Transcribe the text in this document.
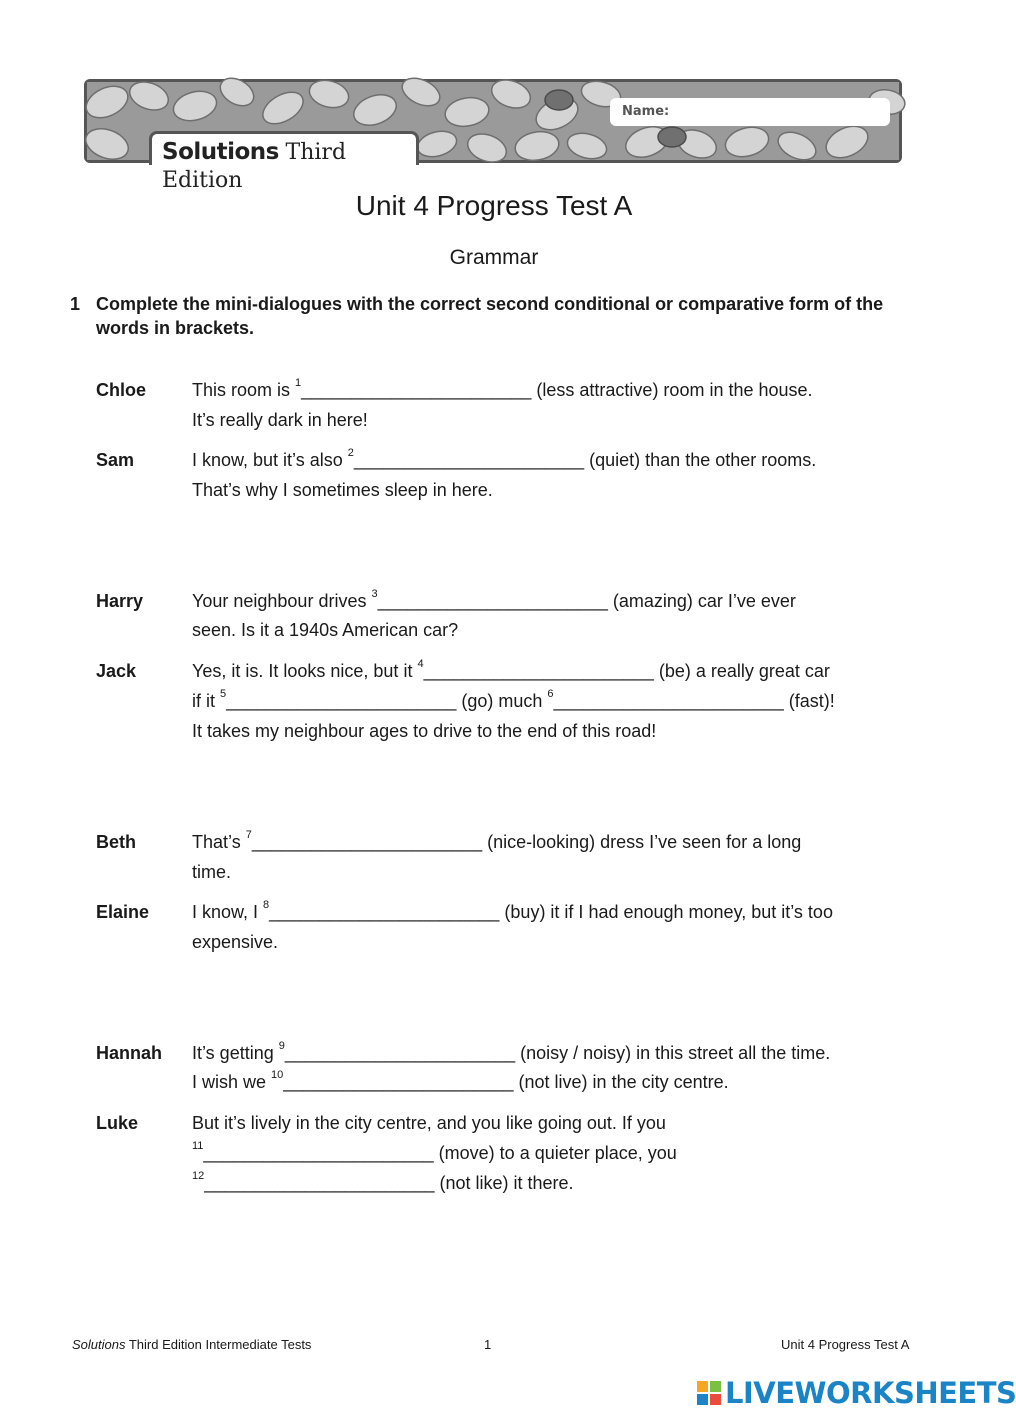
Name:
Solutions Third Edition
Unit 4 Progress Test A
Grammar
1 Complete the mini-dialogues with the correct second conditional or comparative form of the words in brackets.
Chloe	This room is $^1$_______________________ (less attractive) room in the house.
It’s really dark in here!
Sam	I know, but it’s also $^2$_______________________ (quiet) than the other rooms.
That’s why I sometimes sleep in here.
Harry	Your neighbour drives $^3$_______________________ (amazing) car I’ve ever
seen. Is it a 1940s American car?
Jack	Yes, it is. It looks nice, but it $^4$_______________________ (be) a really great car
if it $^5$_______________________ (go) much $^6$_______________________ (fast)!
It takes my neighbour ages to drive to the end of this road!
Beth	That’s $^7$_______________________ (nice-looking) dress I’ve seen for a long
time.
Elaine I know, I $^8$_______________________ (buy) it if I had enough money, but it’s too
expensive.
Hannah It’s getting $^9$_______________________ (noisy / noisy) in this street all the time.
I wish we $^{10}$_______________________ (not live) in the city centre.
Luke	But it’s lively in the city centre, and you like going out. If you
$^{11}$_______________________ (move) to a quieter place, you
$^{12}$_______________________ (not like) it there.
Solutions Third Edition Intermediate Tests	1	Unit 4 Progress Test A
LIVEWORKSHEETS
